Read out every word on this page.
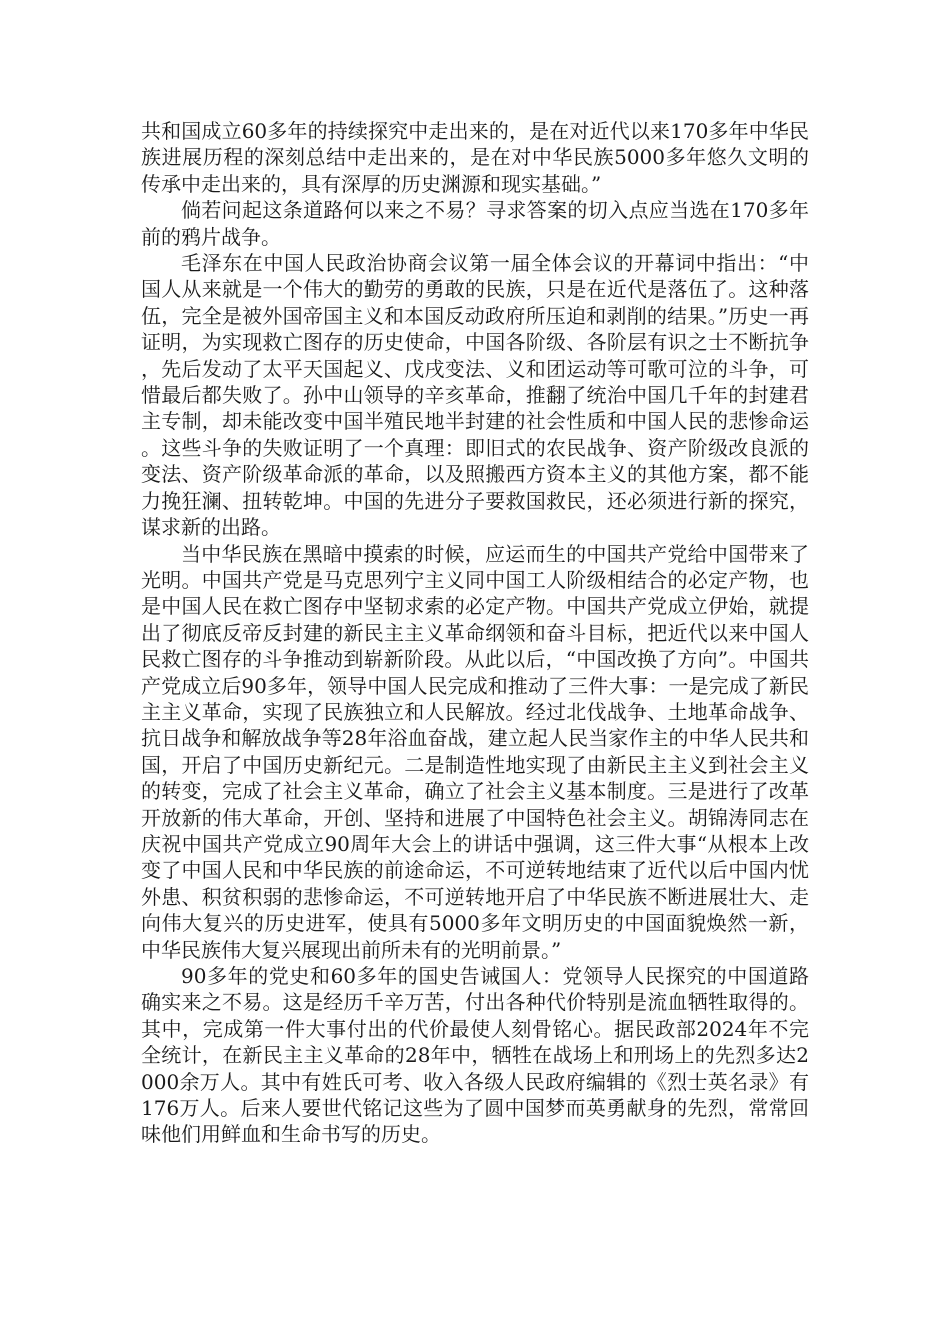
共和国成立60多年的持续探究中走出来的，是在对近代以来170多年中华民族进展历程的深刻总结中走出来的，是在对中华民族5000多年悠久文明的传承中走出来的，具有深厚的历史渊源和现实基础。”

倘若问起这条道路何以来之不易？寻求答案的切入点应当选在170多年前的鸦片战争。

毛泽东在中国人民政治协商会议第一届全体会议的开幕词中指出：“中国人从来就是一个伟大的勤劳的勇敢的民族，只是在近代是落伍了。这种落伍，完全是被外国帝国主义和本国反动政府所压迫和剥削的结果。”历史一再证明，为实现救亡图存的历史使命，中国各阶级、各阶层有识之士不断抗争，先后发动了太平天国起义、戊戌变法、义和团运动等可歌可泣的斗争，可惜最后都失败了。孙中山领导的辛亥革命，推翻了统治中国几千年的封建君主专制，却未能改变中国半殖民地半封建的社会性质和中国人民的悲惨命运。这些斗争的失败证明了一个真理：即旧式的农民战争、资产阶级改良派的变法、资产阶级革命派的革命，以及照搬西方资本主义的其他方案，都不能力挽狂澜、扭转乾坤。中国的先进分子要救国救民，还必须进行新的探究，谋求新的出路。

当中华民族在黑暗中摸索的时候，应运而生的中国共产党给中国带来了光明。中国共产党是马克思列宁主义同中国工人阶级相结合的必定产物，也是中国人民在救亡图存中坚韧求索的必定产物。中国共产党成立伊始，就提出了彻底反帝反封建的新民主主义革命纲领和奋斗目标，把近代以来中国人民救亡图存的斗争推动到崭新阶段。从此以后，“中国改换了方向”。中国共产党成立后90多年，领导中国人民完成和推动了三件大事：一是完成了新民主主义革命，实现了民族独立和人民解放。经过北伐战争、土地革命战争、抗日战争和解放战争等28年浴血奋战，建立起人民当家作主的中华人民共和国，开启了中国历史新纪元。二是制造性地实现了由新民主主义到社会主义的转变，完成了社会主义革命，确立了社会主义基本制度。三是进行了改革开放新的伟大革命，开创、坚持和进展了中国特色社会主义。胡锦涛同志在庆祝中国共产党成立90周年大会上的讲话中强调，这三件大事“从根本上改变了中国人民和中华民族的前途命运，不可逆转地结束了近代以后中国内忧外患、积贫积弱的悲惨命运，不可逆转地开启了中华民族不断进展壮大、走向伟大复兴的历史进军，使具有5000多年文明历史的中国面貌焕然一新，中华民族伟大复兴展现出前所未有的光明前景。”

90多年的党史和60多年的国史告诫国人：党领导人民探究的中国道路确实来之不易。这是经历千辛万苦，付出各种代价特别是流血牺牲取得的。其中，完成第一件大事付出的代价最使人刻骨铭心。据民政部2024年不完全统计，在新民主主义革命的28年中，牺牲在战场上和刑场上的先烈多达2000余万人。其中有姓氏可考、收入各级人民政府编辑的《烈士英名录》有176万人。后来人要世代铭记这些为了圆中国梦而英勇献身的先烈，常常回味他们用鲜血和生命书写的历史。
